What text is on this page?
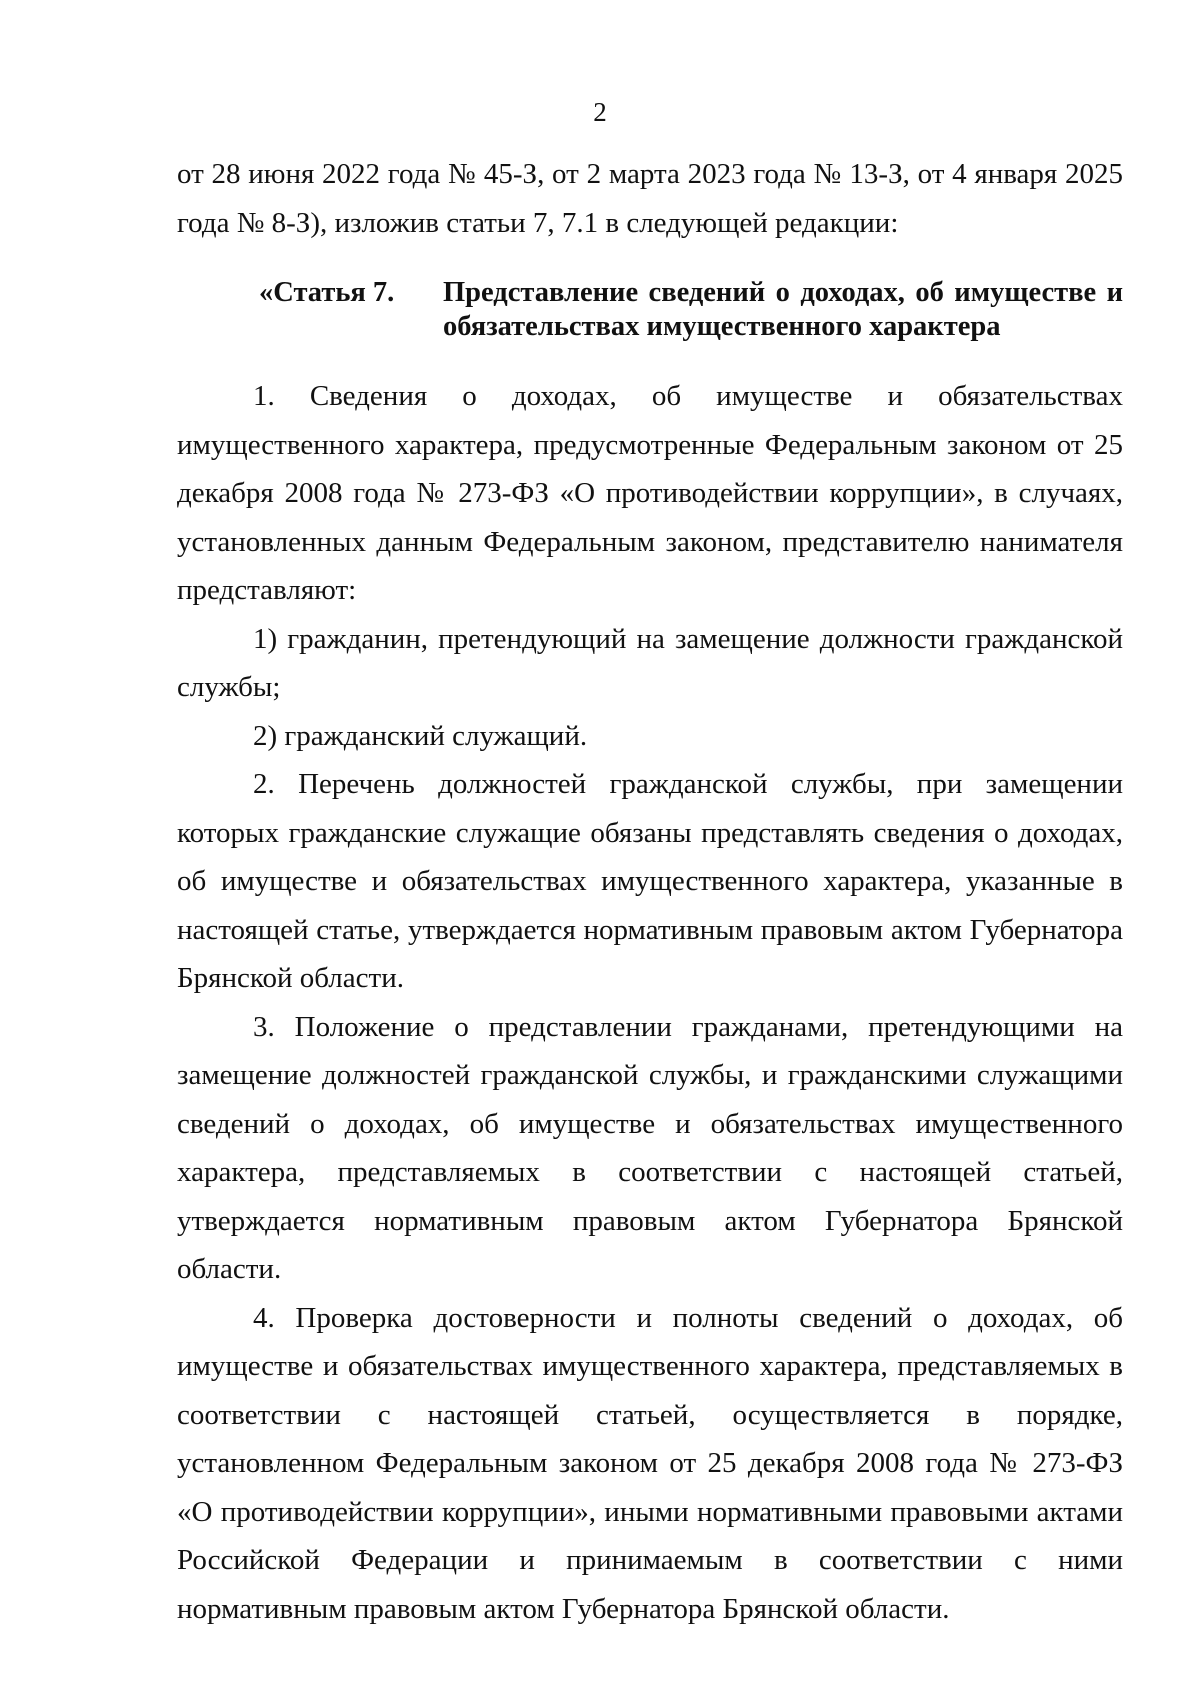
2

от 28 июня 2022 года № 45-З, от 2 марта 2023 года № 13-З, от 4 января 2025 года № 8-З), изложив статьи 7, 7.1 в следующей редакции:

«Статья 7.	Представление сведений о доходах, об имуществе и обязательствах имущественного характера

1. Сведения о доходах, об имуществе и обязательствах имущественного характера, предусмотренные Федеральным законом от 25 декабря 2008 года № 273-ФЗ «О противодействии коррупции», в случаях, установленных данным Федеральным законом, представителю нанимателя представляют:

1) гражданин, претендующий на замещение должности гражданской службы;

2) гражданский служащий.

2. Перечень должностей гражданской службы, при замещении которых гражданские служащие обязаны представлять сведения о доходах, об имуществе и обязательствах имущественного характера, указанные в настоящей статье, утверждается нормативным правовым актом Губернатора Брянской области.

3. Положение о представлении гражданами, претендующими на замещение должностей гражданской службы, и гражданскими служащими сведений о доходах, об имуществе и обязательствах имущественного характера, представляемых в соответствии с настоящей статьей, утверждается нормативным правовым актом Губернатора Брянской области.

4. Проверка достоверности и полноты сведений о доходах, об имуществе и обязательствах имущественного характера, представляемых в соответствии с настоящей статьей, осуществляется в порядке, установленном Федеральным законом от 25 декабря 2008 года № 273-ФЗ «О противодействии коррупции», иными нормативными правовыми актами Российской Федерации и принимаемым в соответствии с ними нормативным правовым актом Губернатора Брянской области.
